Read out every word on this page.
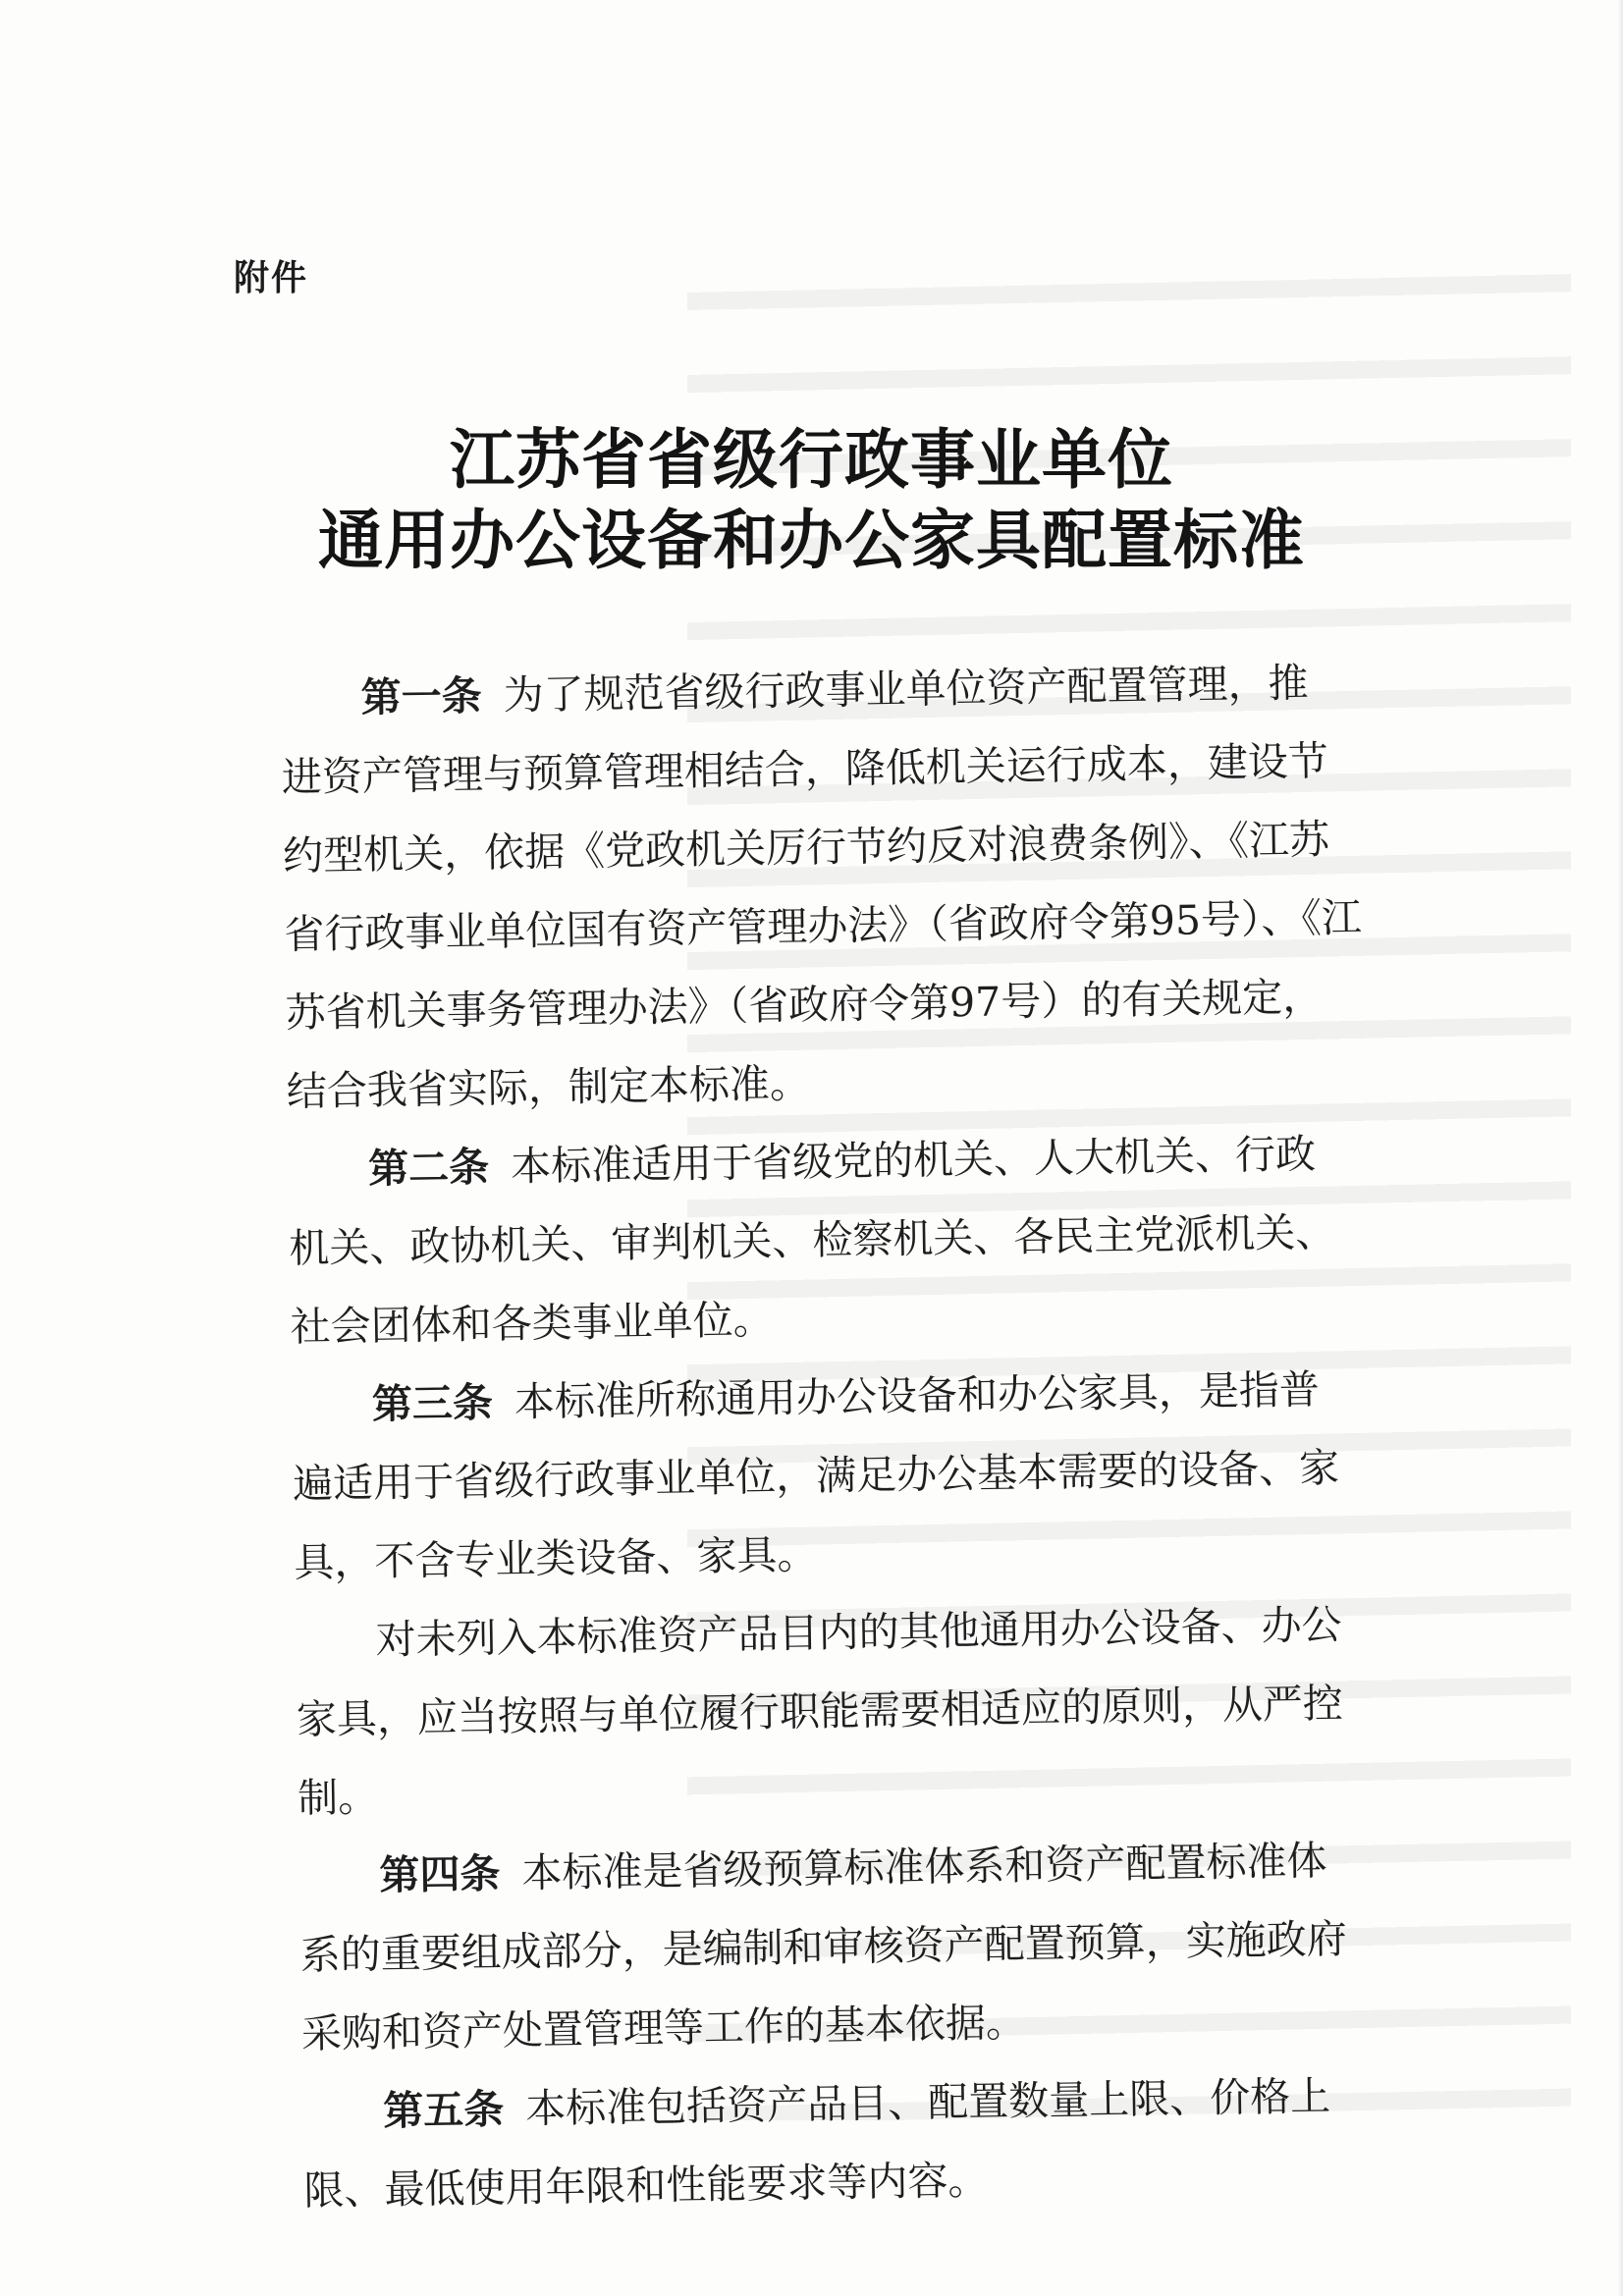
附件
江苏省省级行政事业单位
通用办公设备和办公家具配置标准
第一条 为了规范省级行政事业单位资产配置管理，推
进资产管理与预算管理相结合，降低机关运行成本，建设节
约型机关，依据《党政机关厉行节约反对浪费条例》、《江苏
省行政事业单位国有资产管理办法》（省政府令第95号）、《江
苏省机关事务管理办法》（省政府令第97号）的有关规定，
结合我省实际，制定本标准。
第二条 本标准适用于省级党的机关、人大机关、行政
机关、政协机关、审判机关、检察机关、各民主党派机关、
社会团体和各类事业单位。
第三条 本标准所称通用办公设备和办公家具，是指普
遍适用于省级行政事业单位，满足办公基本需要的设备、家
具，不含专业类设备、家具。
对未列入本标准资产品目内的其他通用办公设备、办公
家具，应当按照与单位履行职能需要相适应的原则，从严控
制。
第四条 本标准是省级预算标准体系和资产配置标准体
系的重要组成部分，是编制和审核资产配置预算，实施政府
采购和资产处置管理等工作的基本依据。
第五条 本标准包括资产品目、配置数量上限、价格上
限、最低使用年限和性能要求等内容。
